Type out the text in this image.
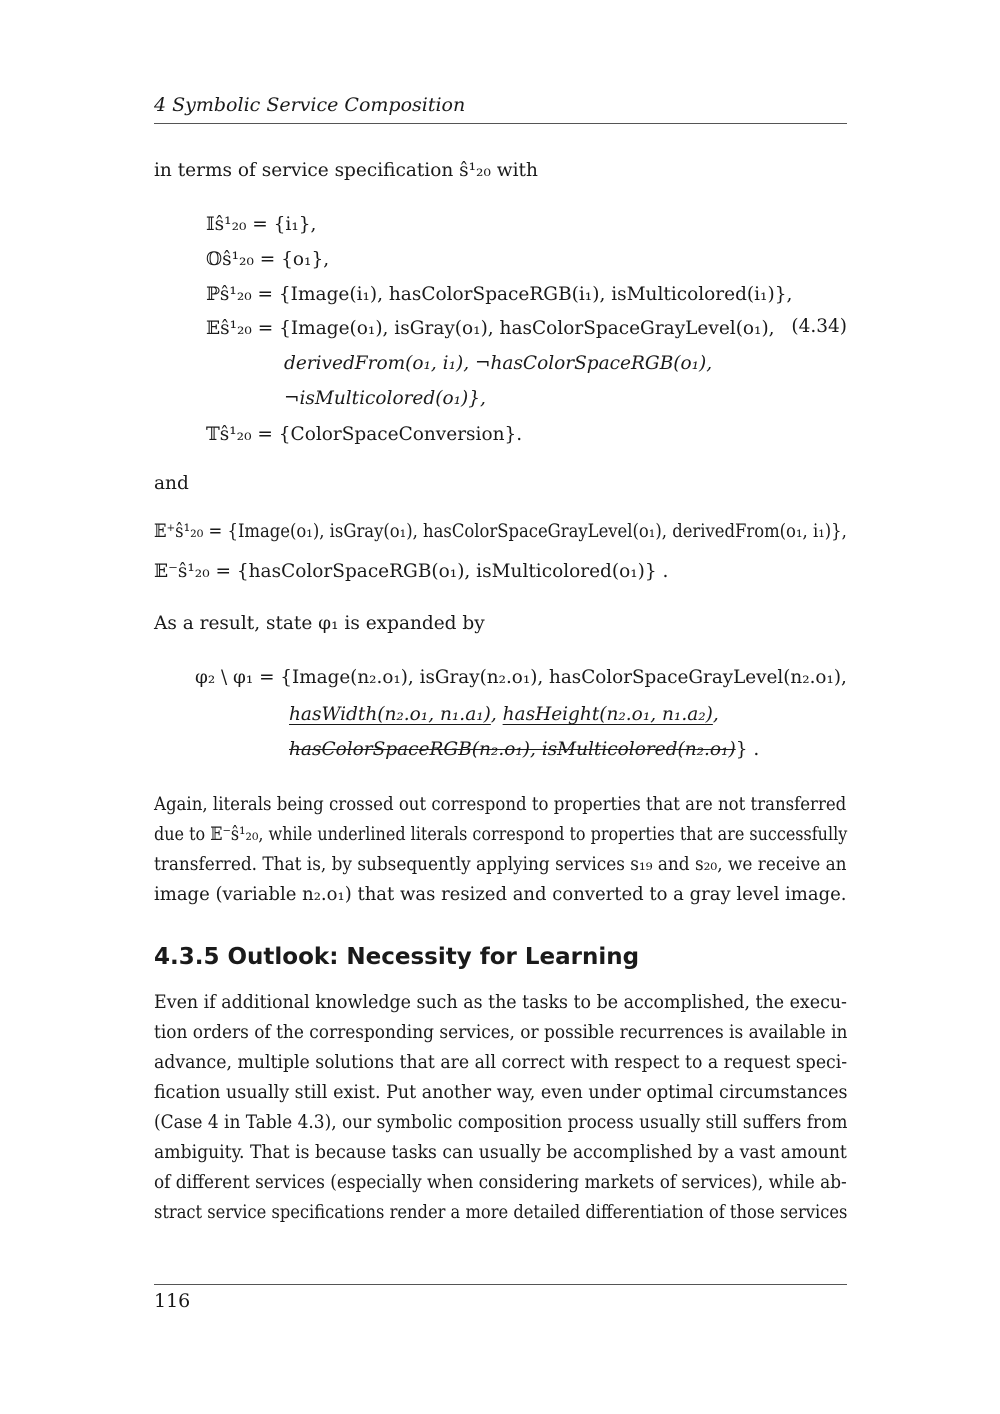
4 Symbolic Service Composition
in terms of service specification ŝ¹₂₀ with
𝕀ŝ¹₂₀ = {i₁},
𝕆ŝ¹₂₀ = {o₁},
ℙŝ¹₂₀ = {Image(i₁), hasColorSpaceRGB(i₁), isMulticolored(i₁)},
𝔼ŝ¹₂₀ = {Image(o₁), isGray(o₁), hasColorSpaceGrayLevel(o₁),
derivedFrom(o₁, i₁), ¬hasColorSpaceRGB(o₁),
¬isMulticolored(o₁)},
𝕋ŝ¹₂₀ = {ColorSpaceConversion}.
(4.34)
and
𝔼⁺ŝ¹₂₀ = {Image(o₁), isGray(o₁), hasColorSpaceGrayLevel(o₁), derivedFrom(o₁, i₁)},
𝔼⁻ŝ¹₂₀ = {hasColorSpaceRGB(o₁), isMulticolored(o₁)} .
As a result, state φ₁ is expanded by
φ₂ \ φ₁ = {Image(n₂.o₁), isGray(n₂.o₁), hasColorSpaceGrayLevel(n₂.o₁),
hasWidth(n₂.o₁, n₁.a₁), hasHeight(n₂.o₁, n₁.a₂),
hasColorSpaceRGB(n₂.o₁), isMulticolored(n₂.o₁)} .
Again, literals being crossed out correspond to properties that are not transferred
due to 𝔼⁻ŝ¹₂₀, while underlined literals correspond to properties that are successfully
transferred. That is, by subsequently applying services s₁₉ and s₂₀, we receive an
image (variable n₂.o₁) that was resized and converted to a gray level image.
4.3.5 Outlook: Necessity for Learning
Even if additional knowledge such as the tasks to be accomplished, the execu-
tion orders of the corresponding services, or possible recurrences is available in
advance, multiple solutions that are all correct with respect to a request speci-
fication usually still exist. Put another way, even under optimal circumstances
(Case 4 in Table 4.3), our symbolic composition process usually still suffers from
ambiguity. That is because tasks can usually be accomplished by a vast amount
of different services (especially when considering markets of services), while ab-
stract service specifications render a more detailed differentiation of those services
116
